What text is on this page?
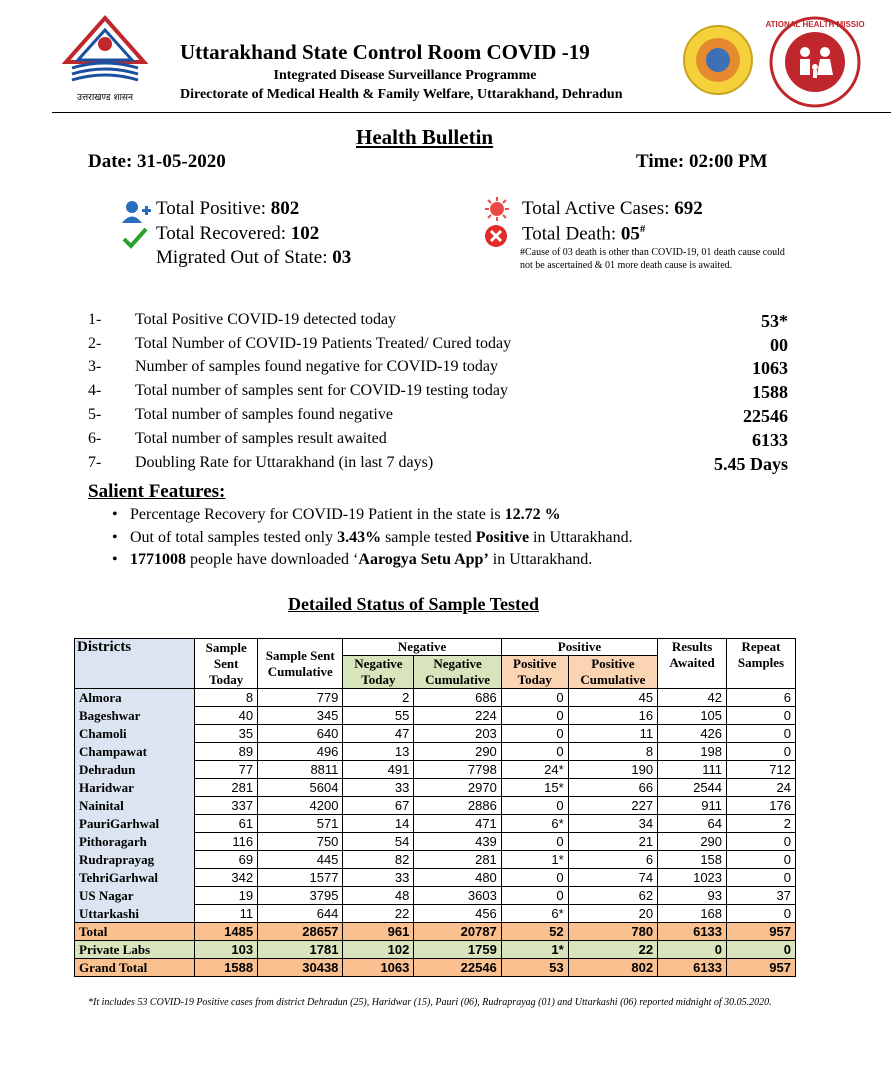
उत्तराखण्ड शासन
Uttarakhand State Control Room COVID -19
Integrated Disease Surveillance Programme
Directorate of Medical Health & Family Welfare, Uttarakhand, Dehradun
NATIONAL HEALTH MISSION
Health Bulletin
Date: 31-05-2020	Time: 02:00 PM
Total Positive: 802
Total Recovered: 102
Migrated Out of State: 03
Total Active Cases: 692
Total Death: 05#
#Cause of 03 death is other than COVID-19, 01 death cause could not be ascertained & 01 more death cause is awaited.
1- Total Positive COVID-19 detected today	53*
2- Total Number of COVID-19 Patients Treated/ Cured today	00
3- Number of samples found negative for COVID-19 today	1063
4- Total number of samples sent for COVID-19 testing today	1588
5- Total number of samples found negative	22546
6- Total number of samples result awaited	6133
7- Doubling Rate for Uttarakhand (in last 7 days)	5.45 Days
Salient Features:
• Percentage Recovery for COVID-19 Patient in the state is 12.72 %
• Out of total samples tested only 3.43% sample tested Positive in Uttarakhand.
• 1771008 people have downloaded ‘Aarogya Setu App’ in Uttarakhand.
Detailed Status of Sample Tested
Districts	Sample Sent Today	Sample Sent Cumulative	Negative		Positive		Results Awaited	Repeat Samples
			Negative Today	Negative Cumulative	Positive Today	Positive Cumulative		
Almora	8	779	2	686	0	45	42	6
Bageshwar	40	345	55	224	0	16	105	0
Chamoli	35	640	47	203	0	11	426	0
Champawat	89	496	13	290	0	8	198	0
Dehradun	77	8811	491	7798	24*	190	111	712
Haridwar	281	5604	33	2970	15*	66	2544	24
Nainital	337	4200	67	2886	0	227	911	176
PauriGarhwal	61	571	14	471	6*	34	64	2
Pithoragarh	116	750	54	439	0	21	290	0
Rudraprayag	69	445	82	281	1*	6	158	0
TehriGarhwal	342	1577	33	480	0	74	1023	0
US Nagar	19	3795	48	3603	0	62	93	37
Uttarkashi	11	644	22	456	6*	20	168	0
Total	1485	28657	961	20787	52	780	6133	957
Private Labs	103	1781	102	1759	1*	22	0	0
Grand Total	1588	30438	1063	22546	53	802	6133	957
*It includes 53 COVID-19 Positive cases from district Dehradun (25), Haridwar (15), Pauri (06), Rudraprayag (01) and Uttarkashi (06) reported midnight of 30.05.2020.
